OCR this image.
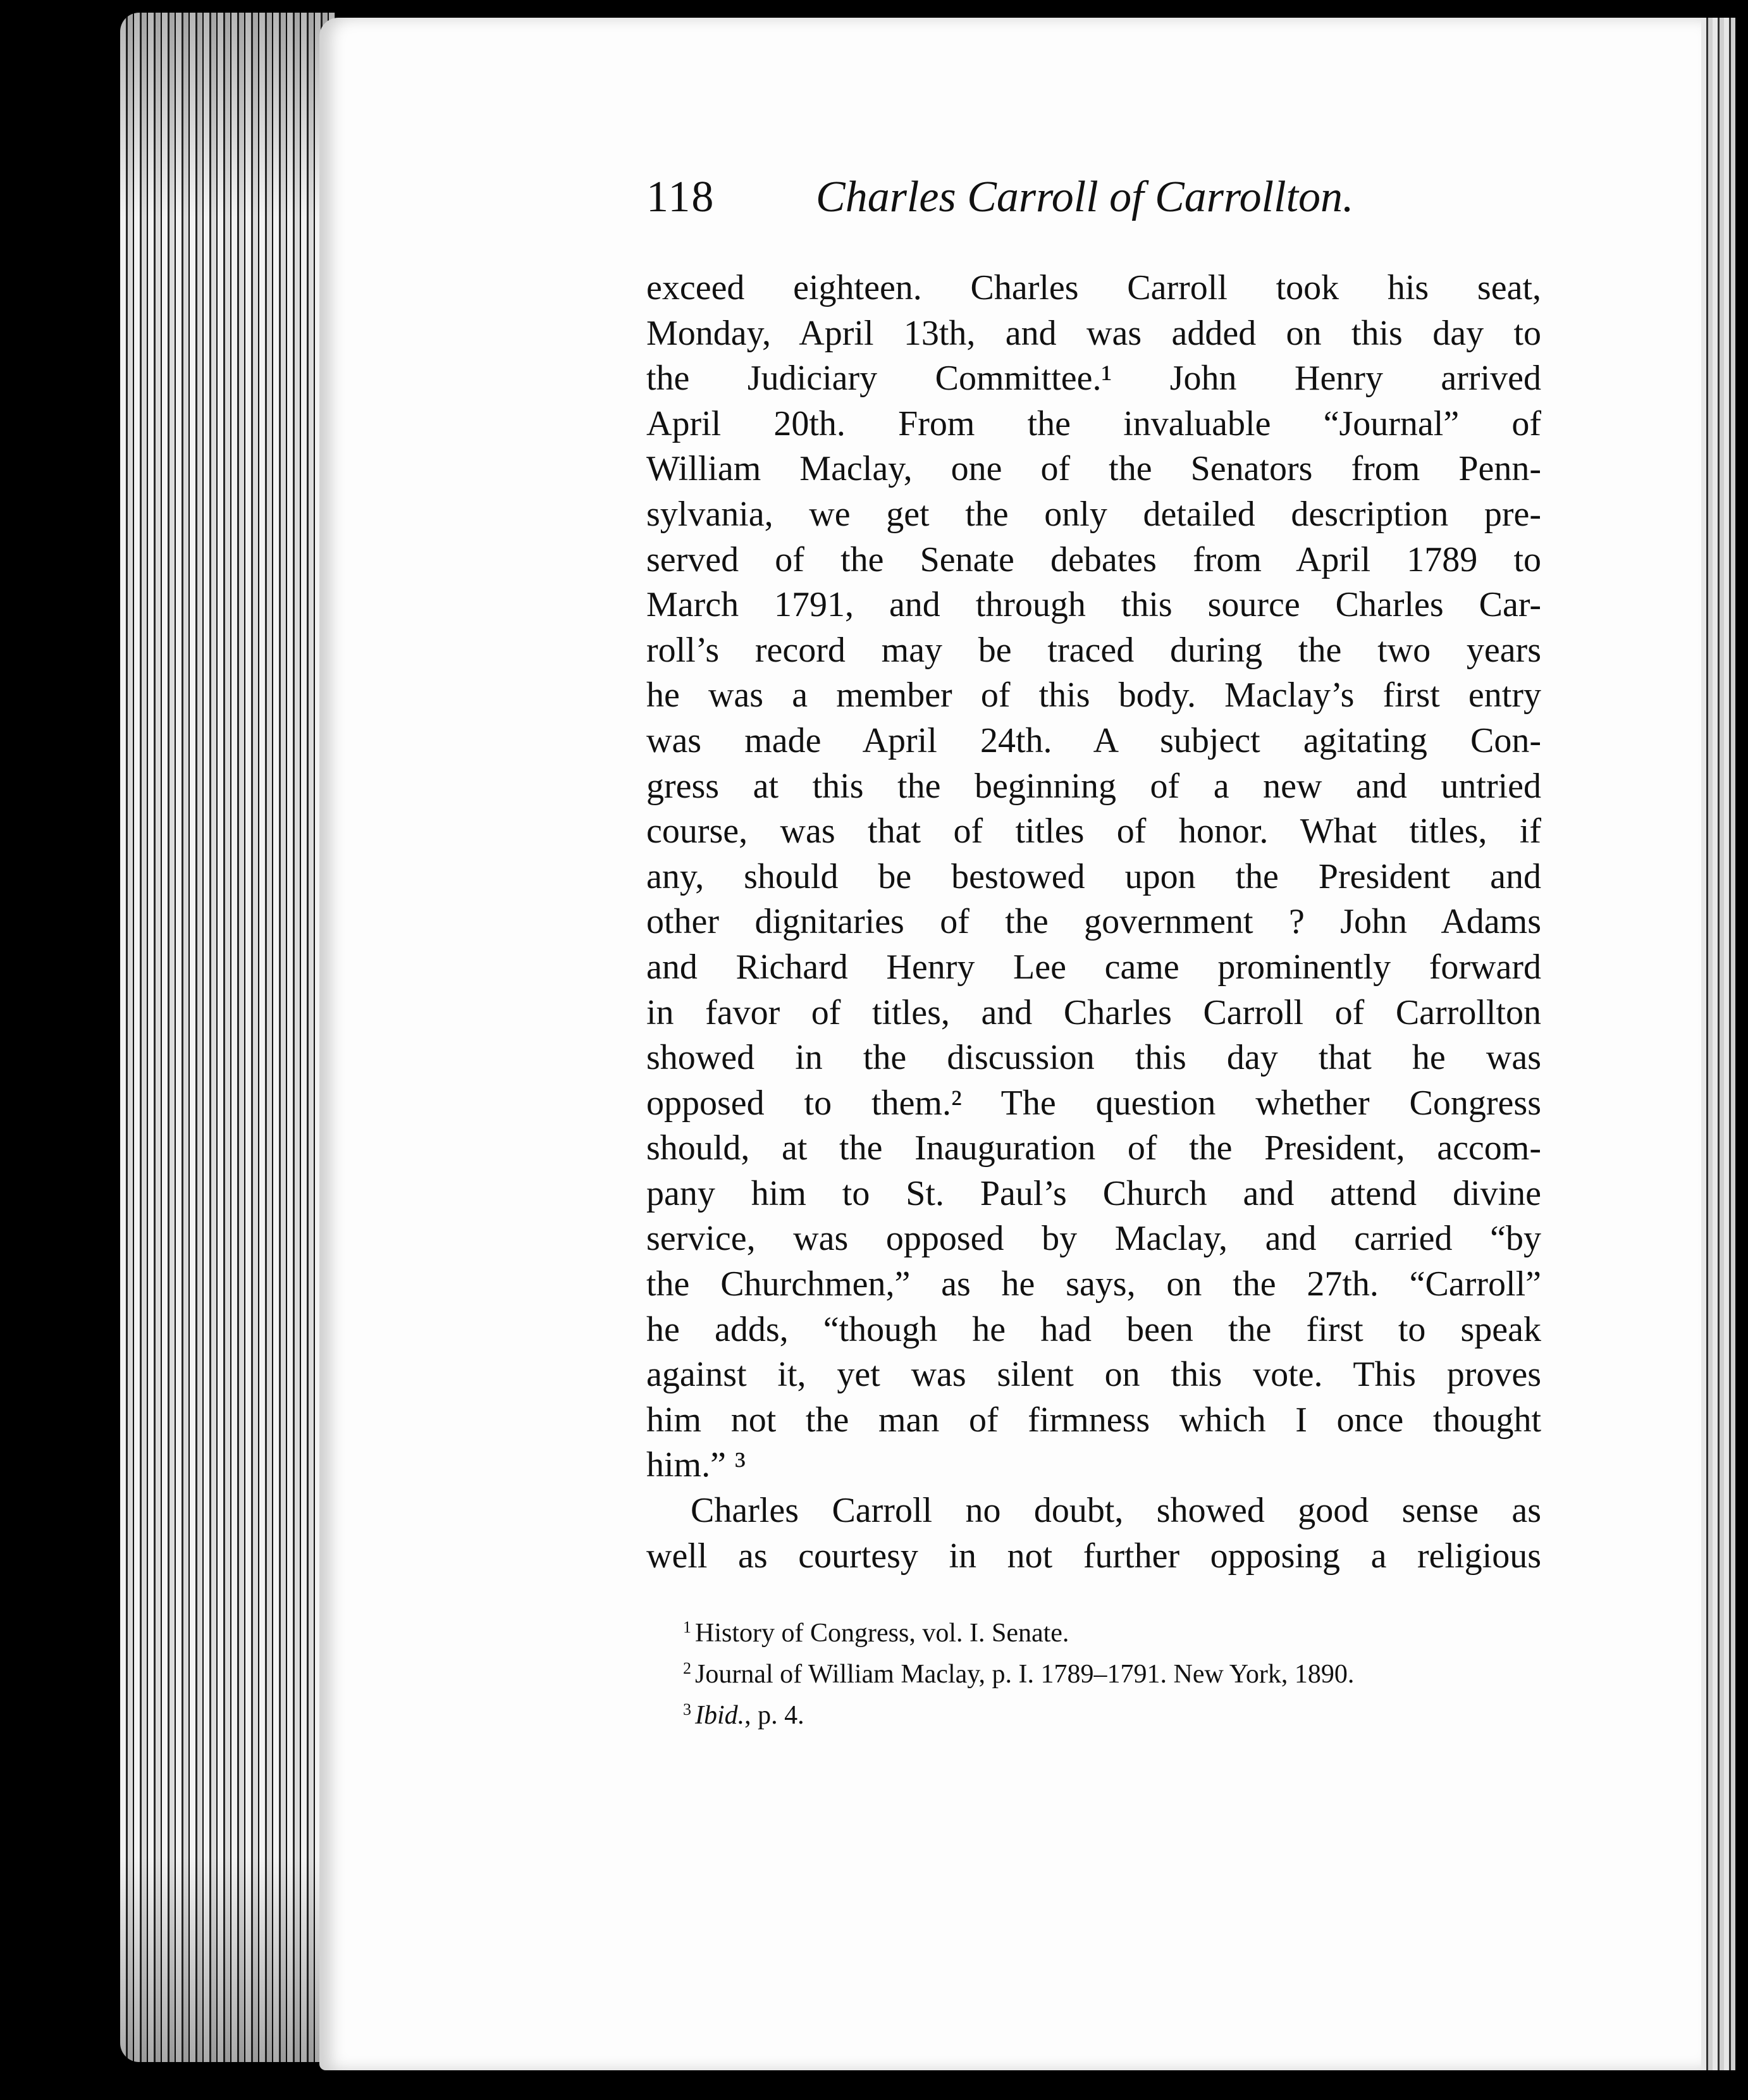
118 Charles Carroll of Carrollton.
exceed eighteen. Charles Carroll took his seat,
Monday, April 13th, and was added on this day to
the Judiciary Committee.¹ John Henry arrived
April 20th. From the invaluable “Journal” of
William Maclay, one of the Senators from Penn-
sylvania, we get the only detailed description pre-
served of the Senate debates from April 1789 to
March 1791, and through this source Charles Car-
roll’s record may be traced during the two years
he was a member of this body. Maclay’s first entry
was made April 24th. A subject agitating Con-
gress at this the beginning of a new and untried
course, was that of titles of honor. What titles, if
any, should be bestowed upon the President and
other dignitaries of the government ? John Adams
and Richard Henry Lee came prominently forward
in favor of titles, and Charles Carroll of Carrollton
showed in the discussion this day that he was
opposed to them.² The question whether Congress
should, at the Inauguration of the President, accom-
pany him to St. Paul’s Church and attend divine
service, was opposed by Maclay, and carried “by
the Churchmen,” as he says, on the 27th. “Carroll”
he adds, “though he had been the first to speak
against it, yet was silent on this vote. This proves
him not the man of firmness which I once thought
him.” ³
Charles Carroll no doubt, showed good sense as
well as courtesy in not further opposing a religious
$^1$ History of Congress, vol. I. Senate.
$^2$ Journal of William Maclay, p. I. 1789–1791. New York, 1890.
$^3$ Ibid., p. 4.
